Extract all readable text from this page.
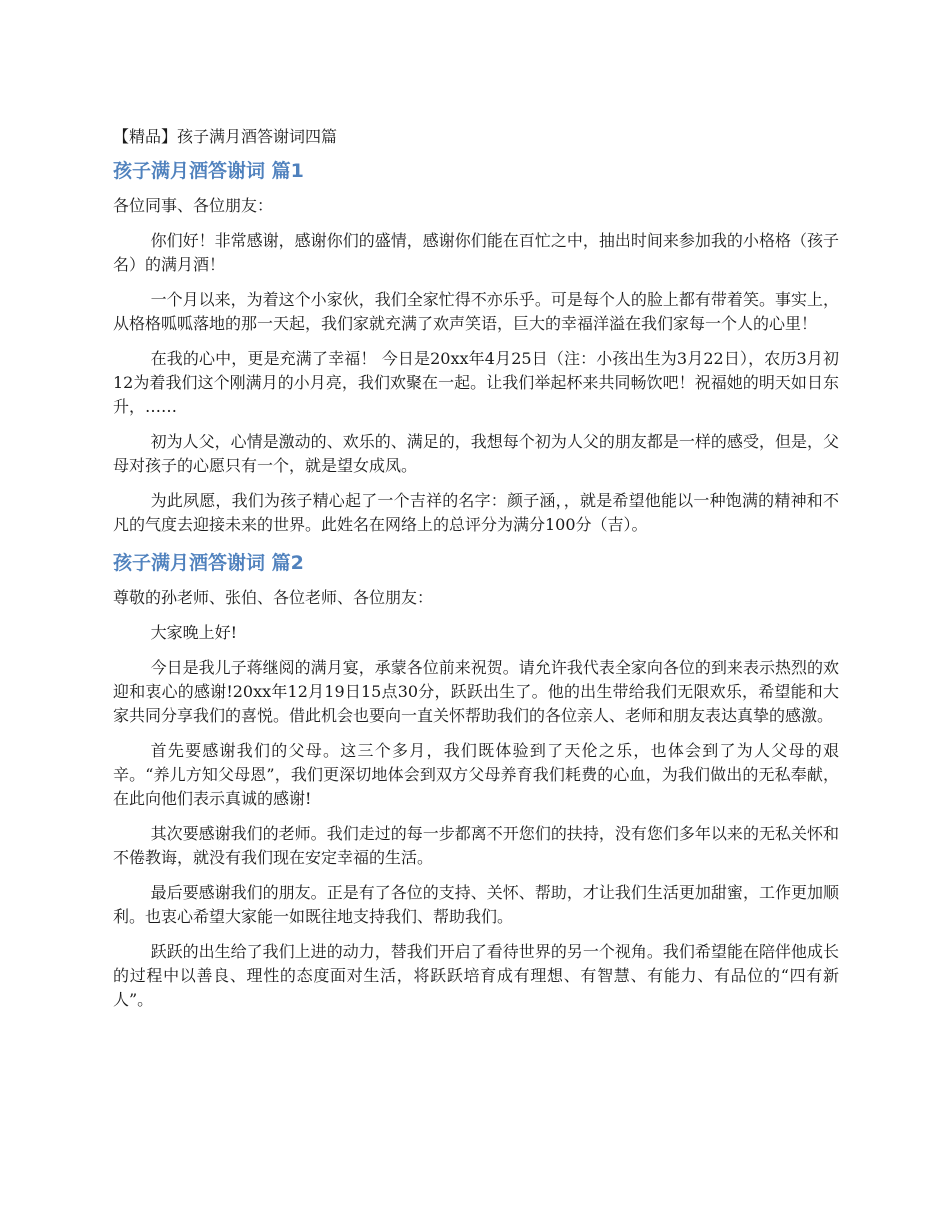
【精品】孩子满月酒答谢词四篇
孩子满月酒答谢词 篇1
各位同事、各位朋友：

你们好！非常感谢，感谢你们的盛情，感谢你们能在百忙之中，抽出时间来参加我的小格格（孩子名）的满月酒！

一个月以来，为着这个小家伙，我们全家忙得不亦乐乎。可是每个人的脸上都有带着笑。事实上，从格格呱呱落地的那一天起，我们家就充满了欢声笑语，巨大的幸福洋溢在我们家每一个人的心里！

在我的心中，更是充满了幸福！ 今日是20xx年4月25日（注：小孩出生为3月22日），农历3月初12为着我们这个刚满月的小月亮，我们欢聚在一起。让我们举起杯来共同畅饮吧！祝福她的明天如日东升，……

初为人父，心情是激动的、欢乐的、满足的，我想每个初为人父的朋友都是一样的感受，但是，父母对孩子的心愿只有一个，就是望女成凤。

为此夙愿，我们为孩子精心起了一个吉祥的名字：颜子涵，，就是希望他能以一种饱满的精神和不凡的气度去迎接未来的世界。此姓名在网络上的总评分为满分100分（吉）。

孩子满月酒答谢词 篇2
尊敬的孙老师、张伯、各位老师、各位朋友：

大家晚上好!

今日是我儿子蒋继阅的满月宴，承蒙各位前来祝贺。请允许我代表全家向各位的到来表示热烈的欢迎和衷心的感谢!20xx年12月19日15点30分，跃跃出生了。他的出生带给我们无限欢乐，希望能和大家共同分享我们的喜悦。借此机会也要向一直关怀帮助我们的各位亲人、老师和朋友表达真挚的感激。

首先要感谢我们的父母。这三个多月，我们既体验到了天伦之乐，也体会到了为人父母的艰辛。“养儿方知父母恩”，我们更深切地体会到双方父母养育我们耗费的心血，为我们做出的无私奉献，在此向他们表示真诚的感谢!

其次要感谢我们的老师。我们走过的每一步都离不开您们的扶持，没有您们多年以来的无私关怀和不倦教诲，就没有我们现在安定幸福的生活。

最后要感谢我们的朋友。正是有了各位的支持、关怀、帮助，才让我们生活更加甜蜜，工作更加顺利。也衷心希望大家能一如既往地支持我们、帮助我们。

跃跃的出生给了我们上进的动力，替我们开启了看待世界的另一个视角。我们希望能在陪伴他成长的过程中以善良、理性的态度面对生活，将跃跃培育成有理想、有智慧、有能力、有品位的“四有新人”。
